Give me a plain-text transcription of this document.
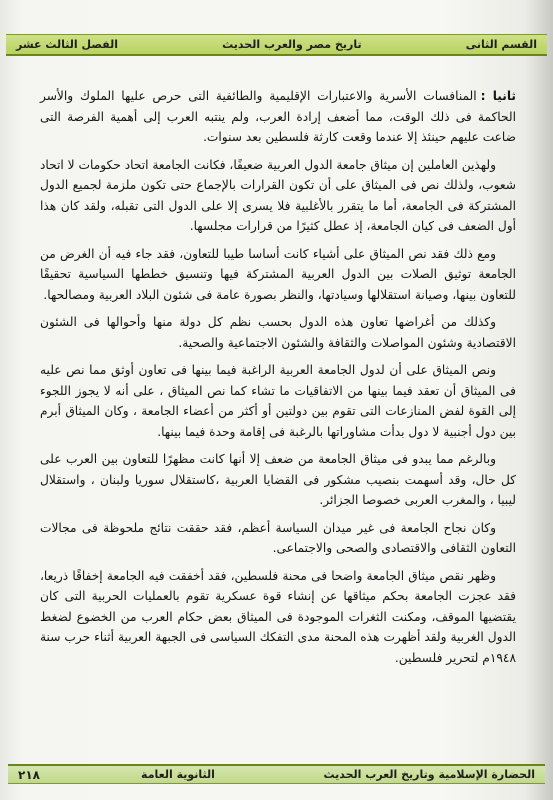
القسم الثانى
تاريخ مصر والعرب الحديث
الفصل الثالث عشر

ثانيا :المنافسات الأسرية والاعتبارات الإقليمية والطائفية التى حرص عليها الملوك والأسر الحاكمة فى ذلك الوقت، مما أضعف إرادة العرب، ولم ينتبه العرب إلى أهمية الفرصة التى ضاعت عليهم حينئذ إلا عندما وقعت كارثة فلسطين بعد سنوات.

ولهذين العاملين إن ميثاق جامعة الدول العربية ضعيفًا، فكانت الجامعة اتحاد حكومات لا اتحاد شعوب، ولذلك نص فى الميثاق على أن تكون القرارات بالإجماع حتى تكون ملزمة لجميع الدول المشتركة فى الجامعة، أما ما يتقرر بالأغلبية فلا يسرى إلا على الدول التى تقبله، ولقد كان هذا أول الضعف فى كيان الجامعة، إذ عطل كثيرًا من قرارات مجلسها.

ومع ذلك فقد نص الميثاق على أشياء كانت أساسا طيبا للتعاون، فقد جاء فيه أن الغرض من الجامعة توثيق الصلات بين الدول العربية المشتركة فيها وتنسيق خططها السياسية تحقيقًا للتعاون بينها، وصيانة استقلالها وسيادتها، والنظر بصورة عامة فى شئون البلاد العربية ومصالحها.

وكذلك من أغراضها تعاون هذه الدول بحسب نظم كل دولة منها وأحوالها فى الشئون الاقتصادية وشئون المواصلات والثقافة والشئون الاجتماعية والصحية.

ونص الميثاق على أن لدول الجامعة العربية الراغبة فيما بينها فى تعاون أوثق مما نص عليه فى الميثاق أن تعقد فيما بينها من الاتفاقيات ما تشاء كما نص الميثاق ، على أنه لا يجوز اللجوء إلى القوة لفض المنازعات التى تقوم بين دولتين أو أكثر من أعضاء الجامعة ، وكان الميثاق أبرم بين دول أجنبية لا دول بدأت مشاوراتها بالرغبة فى إقامة وحدة فيما بينها.

وبالرغم مما يبدو فى ميثاق الجامعة من ضعف إلا أنها كانت مظهرًا للتعاون بين العرب على كل حال، وقد أسهمت بنصيب مشكور فى القضايا العربية ،كاستقلال سوريا ولبنان ، واستقلال ليبيا ، والمغرب العربى خصوصا الجزائر.

وكان نجاح الجامعة فى غير ميدان السياسة أعظم، فقد حققت نتائج ملحوظة فى مجالات التعاون الثقافى والاقتصادى والصحى والاجتماعى.

وظهر نقص ميثاق الجامعة واضحا فى محنة فلسطين، فقد أخفقت فيه الجامعة إخفاقًا ذريعا، فقد عجزت الجامعة بحكم ميثاقها عن إنشاء قوة عسكرية تقوم بالعمليات الحربية التى كان يقتضيها الموقف، ومكنت الثغرات الموجودة فى الميثاق بعض حكام العرب من الخضوع لضغط الدول الغربية ولقد أظهرت هذه المحنة مدى التفكك السياسى فى الجبهة العربية أثناء حرب سنة ١٩٤٨م لتحرير فلسطين.

الحضارة الإسلامية وتاريخ العرب الحديث
الثانوية العامة
٢١٨
